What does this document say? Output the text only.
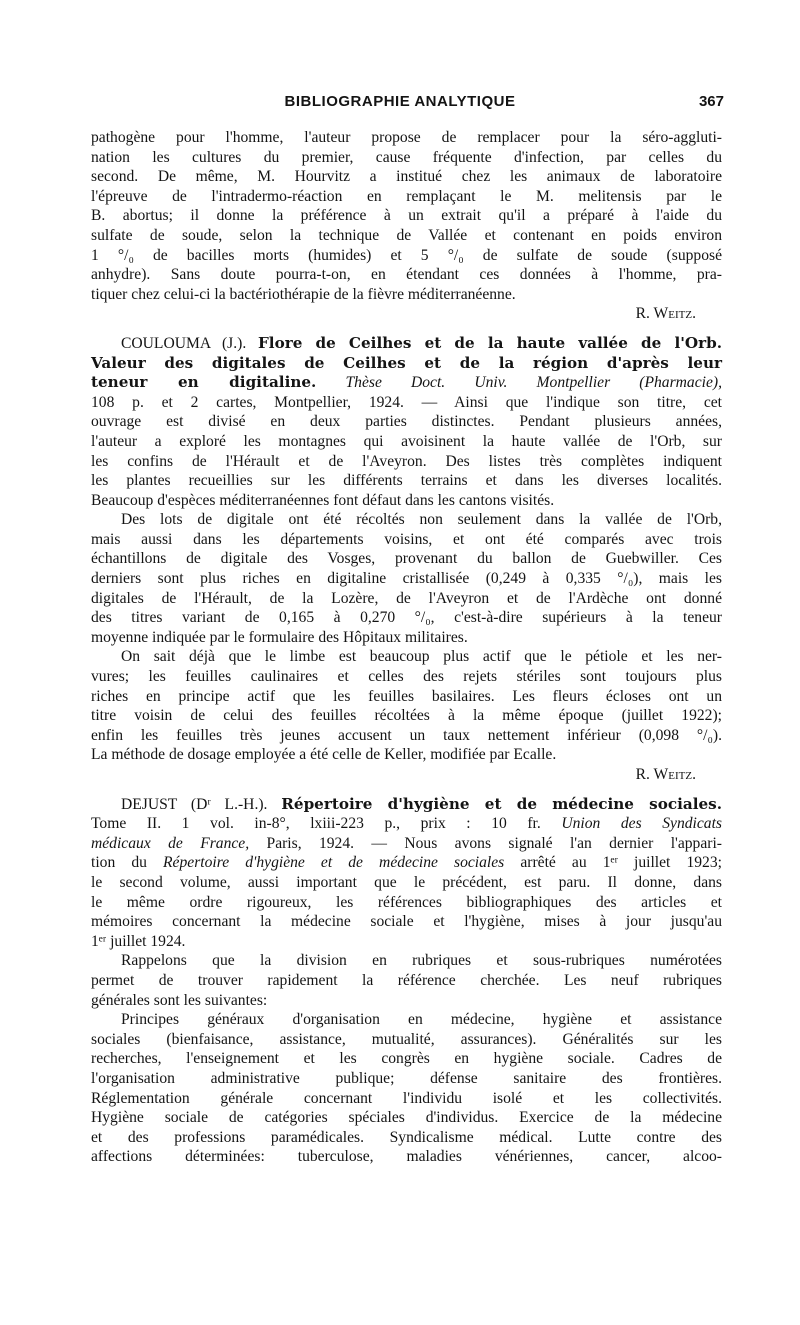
BIBLIOGRAPHIE ANALYTIQUE	367
pathogène pour l'homme, l'auteur propose de remplacer pour la séro-aggluti-
nation les cultures du premier, cause fréquente d'infection, par celles du
second. De même, M. Hourvitz a institué chez les animaux de laboratoire
l'épreuve de l'intradermo-réaction en remplaçant le M. melitensis par le
B. abortus; il donne la préférence à un extrait qu'il a préparé à l'aide du
sulfate de soude, selon la technique de Vallée et contenant en poids environ
1 °/₀ de bacilles morts (humides) et 5 °/₀ de sulfate de soude (supposé
anhydre). Sans doute pourra-t-on, en étendant ces données à l'homme, pra-
tiquer chez celui-ci la bactériothérapie de la fièvre méditerranéenne.
R. Weitz.
COULOUMA (J.). Flore de Ceilhes et de la haute vallée de l'Orb.
Valeur des digitales de Ceilhes et de la région d'après leur
teneur en digitaline. Thèse Doct. Univ. Montpellier (Pharmacie),
108 p. et 2 cartes, Montpellier, 1924. — Ainsi que l'indique son titre, cet
ouvrage est divisé en deux parties distinctes. Pendant plusieurs années,
l'auteur a exploré les montagnes qui avoisinent la haute vallée de l'Orb, sur
les confins de l'Hérault et de l'Aveyron. Des listes très complètes indiquent
les plantes recueillies sur les différents terrains et dans les diverses localités.
Beaucoup d'espèces méditerranéennes font défaut dans les cantons visités.
Des lots de digitale ont été récoltés non seulement dans la vallée de l'Orb,
mais aussi dans les départements voisins, et ont été comparés avec trois
échantillons de digitale des Vosges, provenant du ballon de Guebwiller. Ces
derniers sont plus riches en digitaline cristallisée (0,249 à 0,335 °/₀), mais les
digitales de l'Hérault, de la Lozère, de l'Aveyron et de l'Ardèche ont donné
des titres variant de 0,165 à 0,270 °/₀, c'est-à-dire supérieurs à la teneur
moyenne indiquée par le formulaire des Hôpitaux militaires.
On sait déjà que le limbe est beaucoup plus actif que le pétiole et les ner-
vures; les feuilles caulinaires et celles des rejets stériles sont toujours plus
riches en principe actif que les feuilles basilaires. Les fleurs écloses ont un
titre voisin de celui des feuilles récoltées à la même époque (juillet 1922);
enfin les feuilles très jeunes accusent un taux nettement inférieur (0,098 °/₀).
La méthode de dosage employée a été celle de Keller, modifiée par Ecalle.
R. Weitz.
DEJUST (Dʳ L.-H.). Répertoire d'hygiène et de médecine sociales.
Tome II. 1 vol. in-8°, lxiii-223 p., prix : 10 fr. Union des Syndicats
médicaux de France, Paris, 1924. — Nous avons signalé l'an dernier l'appari-
tion du Répertoire d'hygiène et de médecine sociales arrêté au 1ᵉʳ juillet 1923;
le second volume, aussi important que le précédent, est paru. Il donne, dans
le même ordre rigoureux, les références bibliographiques des articles et
mémoires concernant la médecine sociale et l'hygiène, mises à jour jusqu'au
1ᵉʳ juillet 1924.
Rappelons que la division en rubriques et sous-rubriques numérotées
permet de trouver rapidement la référence cherchée. Les neuf rubriques
générales sont les suivantes:
Principes généraux d'organisation en médecine, hygiène et assistance
sociales (bienfaisance, assistance, mutualité, assurances). Généralités sur les
recherches, l'enseignement et les congrès en hygiène sociale. Cadres de
l'organisation administrative publique; défense sanitaire des frontières.
Réglementation générale concernant l'individu isolé et les collectivités.
Hygiène sociale de catégories spéciales d'individus. Exercice de la médecine
et des professions paramédicales. Syndicalisme médical. Lutte contre des
affections déterminées: tuberculose, maladies vénériennes, cancer, alcoo-
